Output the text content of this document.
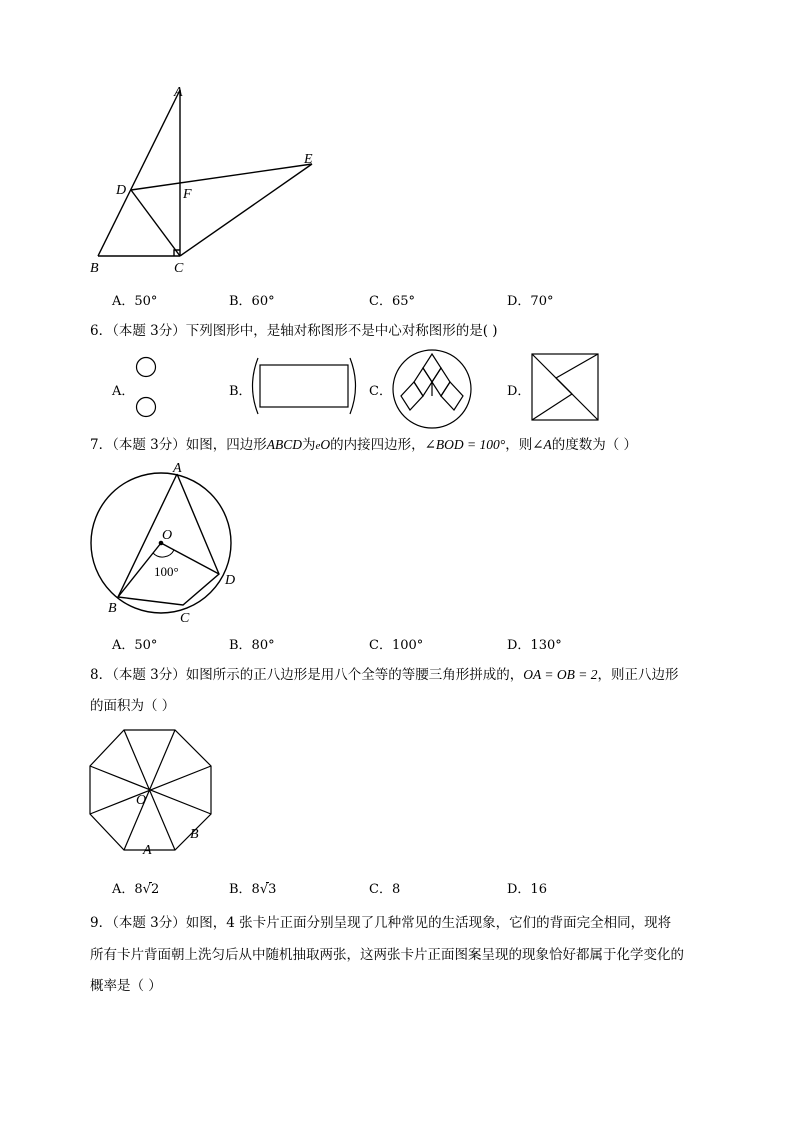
A
B	C
D
E
F
A．50°	B．60°	C．65°	D．70°
6．（本题 3分）下列图形中，是轴对称图形不是中心对称图形的是( )
A．	B．	C．	D．
7．（本题 3分）如图，四边形ABCD为eO的内接四边形，∠BOD = 100°，则∠A的度数为（ ）
A
O
100°
B
C
D
A．50°	B．80°	C．100°	D．130°
8．（本题 3分）如图所示的正八边形是用八个全等的等腰三角形拼成的，OA = OB = 2，则正八边形
的面积为（ ）
O
A
B
A．8√
2	B．8√
3	C．8	D．16
9．（本题 3分）如图，4 张卡片正面分别呈现了几种常见的生活现象，它们的背面完全相同，现将
所有卡片背面朝上洗匀后从中随机抽取两张，这两张卡片正面图案呈现的现象恰好都属于化学变化的
概率是（ ）
